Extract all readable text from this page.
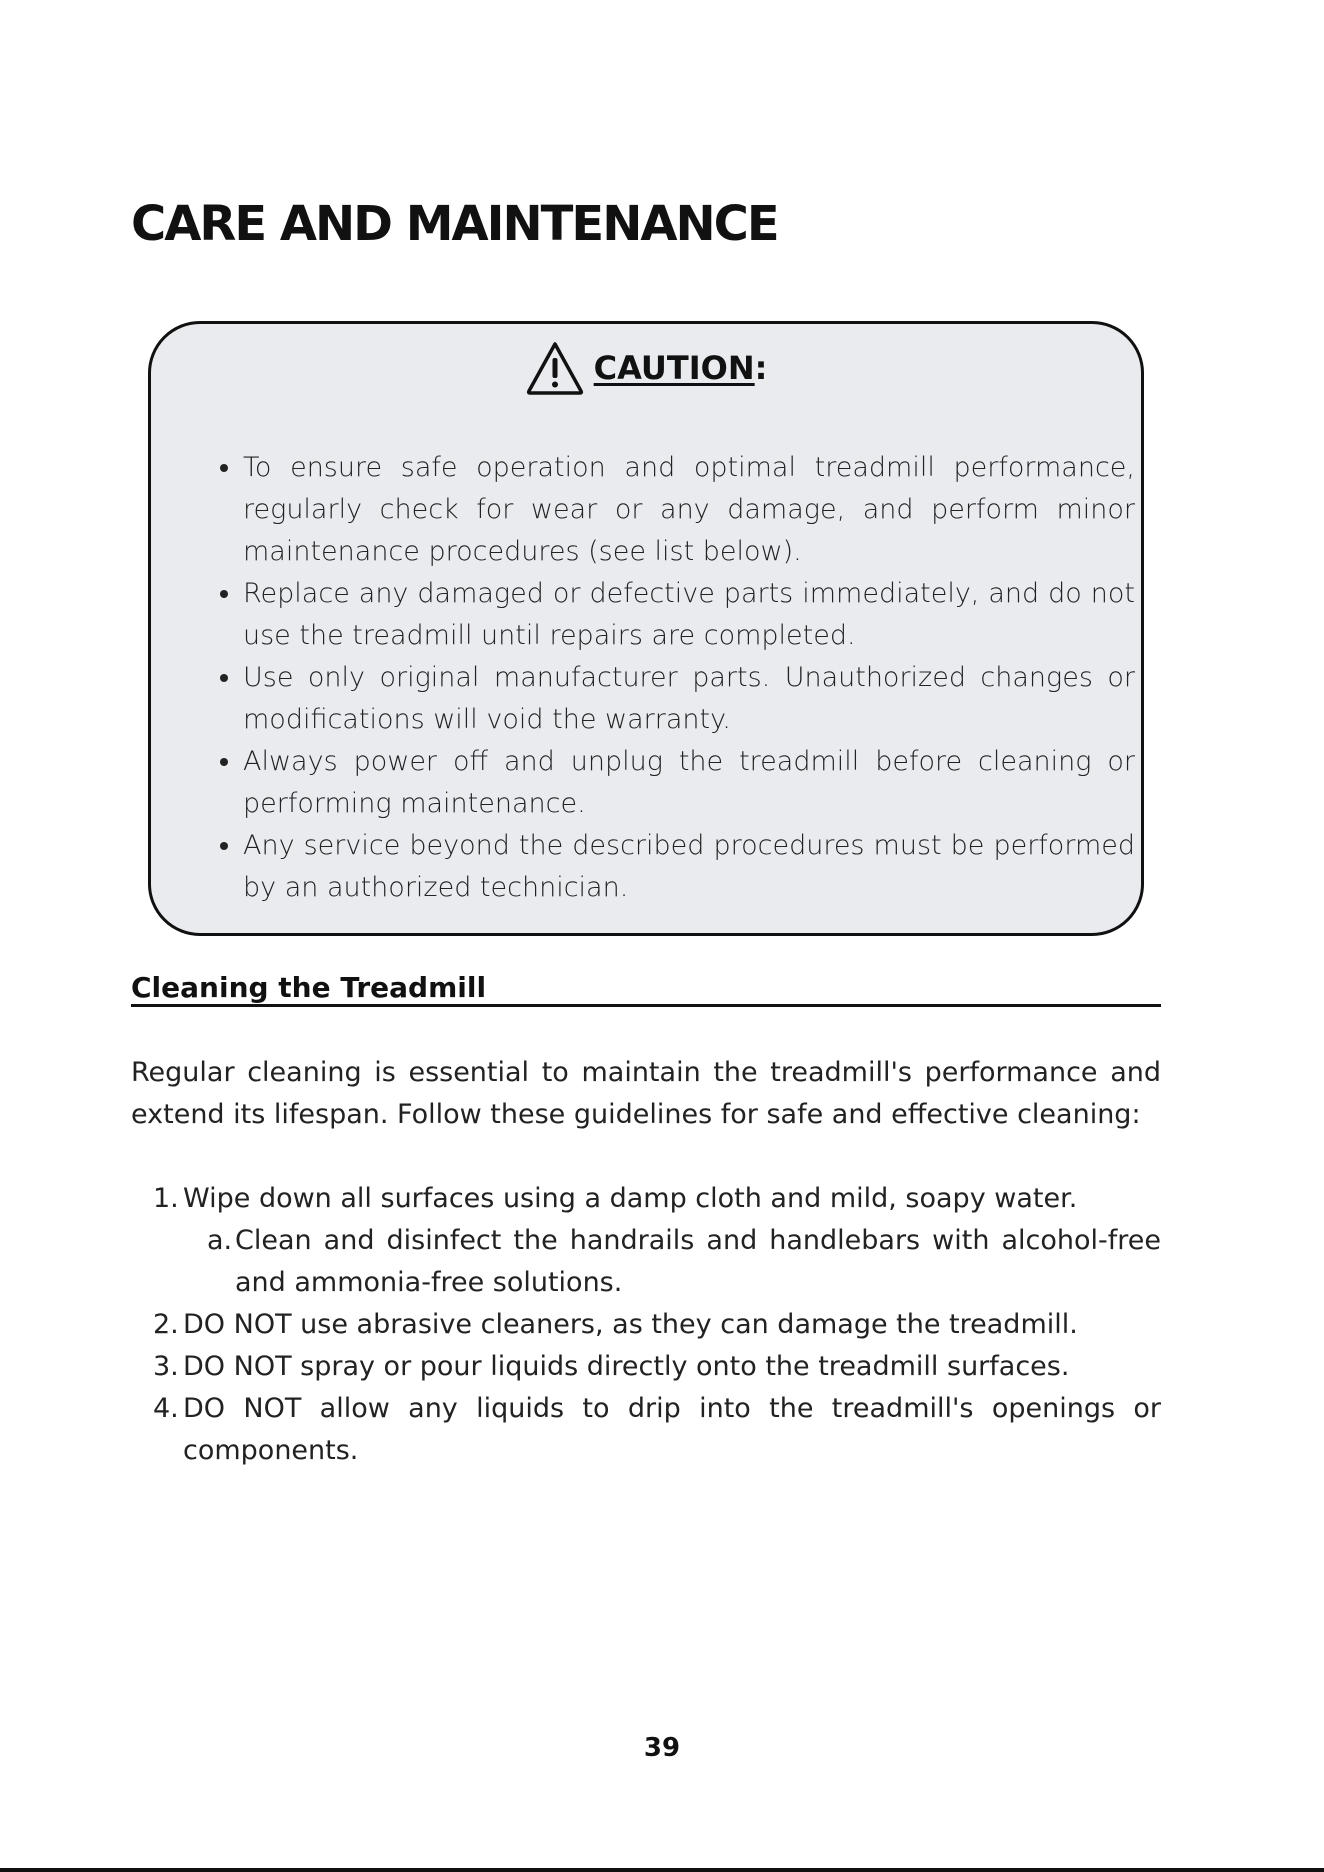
CARE AND MAINTENANCE
CAUTION:
• To ensure safe operation and optimal treadmill performance, regularly check for wear or any damage, and perform minor maintenance procedures (see list below).
• Replace any damaged or defective parts immediately, and do not use the treadmill until repairs are completed.
• Use only original manufacturer parts. Unauthorized changes or modifications will void the warranty.
• Always power off and unplug the treadmill before cleaning or performing maintenance.
• Any service beyond the described procedures must be performed by an authorized technician.
Cleaning the Treadmill

Regular cleaning is essential to maintain the treadmill's performance and extend its lifespan. Follow these guidelines for safe and effective cleaning:

1. Wipe down all surfaces using a damp cloth and mild, soapy water.
a. Clean and disinfect the handrails and handlebars with alcohol-free and ammonia-free solutions.
2. DO NOT use abrasive cleaners, as they can damage the treadmill.
3. DO NOT spray or pour liquids directly onto the treadmill surfaces.
4. DO NOT allow any liquids to drip into the treadmill's openings or components.
39
